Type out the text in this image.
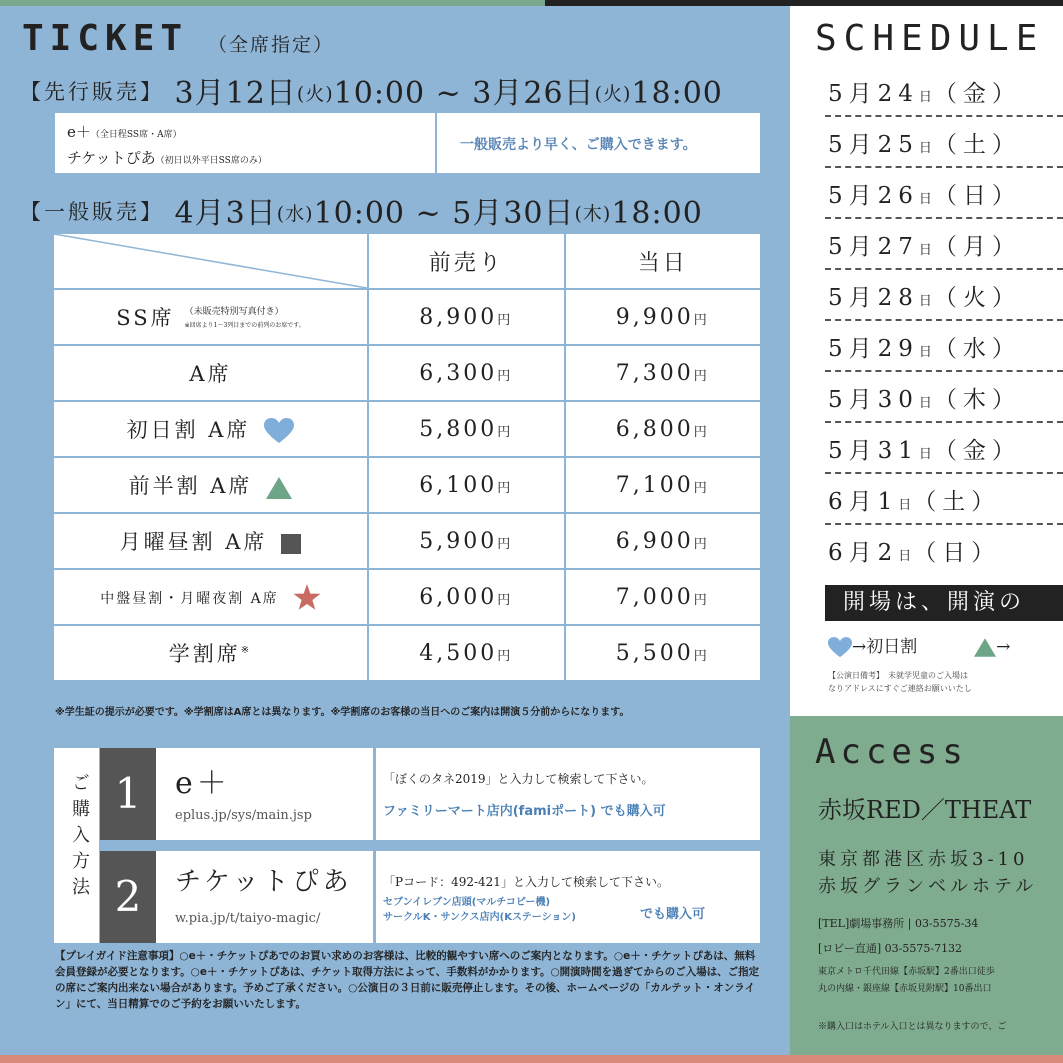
TICKET （全席指定）
【先行販売】 3月12日(火)10:00 ~ 3月26日(火)18:00
e＋（全日程SS席・A席）
チケットぴあ（初日以外平日SS席のみ）
一般販売より早く、ご購入できます。
【一般販売】 4月3日(水)10:00 ~ 5月30日(木)18:00
	前売り	当日
SS席 （未販売特別写真付き）
※回席より1～3列目までの前列のお席です。	8,900円	9,900円
A席	6,300円	7,300円
初日割 A席	5,800円	6,800円
前半割 A席	6,100円	7,100円
月曜昼割 A席	5,900円	6,900円
中盤昼割・月曜夜割 A席	6,000円	7,000円
学割席※	4,500円	5,500円
※学生証の提示が必要です。※学割席はA席とは異なります。※学割席のお客様の当日へのご案内は開演５分前からになります。
ご購入方法 1	e＋
eplus.jp/sys/main.jsp
「ぼくのタネ2019」と入力して検索して下さい。
ファミリーマート店内(famiポート) でも購入可
2	チケットぴあ
w.pia.jp/t/taiyo-magic/
「Pコード：492-421」と入力して検索して下さい。
セブンイレブン店頭(マルチコピー機)
サークルK・サンクス店内(Kステーション)	でも購入可
【プレイガイド注意事項】○e＋・チケットぴあでのお買い求めのお客様は、比較的観やすい席へのご案内となります。○e＋・チケットぴあは、無料会員登録が必要となります。○e＋・チケットぴあは、チケット取得方法によって、手数料がかかります。○開演時間を過ぎてからのご入場は、ご指定の席にご案内出来ない場合があります。予めご了承ください。○公演日の３日前に販売停止します。その後、ホームページの「カルテット・オンライン」にて、当日精算でのご予約をお願いいたします。
SCHEDULE
5月24日（金）
5月25日（土）
5月26日（日）
5月27日（月）
5月28日（火）
5月29日（水）
5月30日（木）
5月31日（金）
6月1日（土）
6月2日（日）
開場は、開演の
→初日割	→
【公演日備考】　未就学児童のご入場は
なりアドレスにすぐご連絡お願いいたし
Access
赤坂RED／THEAT
東京都港区赤坂3-10
赤坂グランベルホテル
[TEL]劇場事務所 | 03-5575-34
[ロビー直通] 03-5575-7132
東京メトロ千代田線【赤坂駅】2番出口徒歩
丸の内線・銀座線【赤坂見附駅】10番出口
※購入口はホテル入口とは異なりますので、ご
